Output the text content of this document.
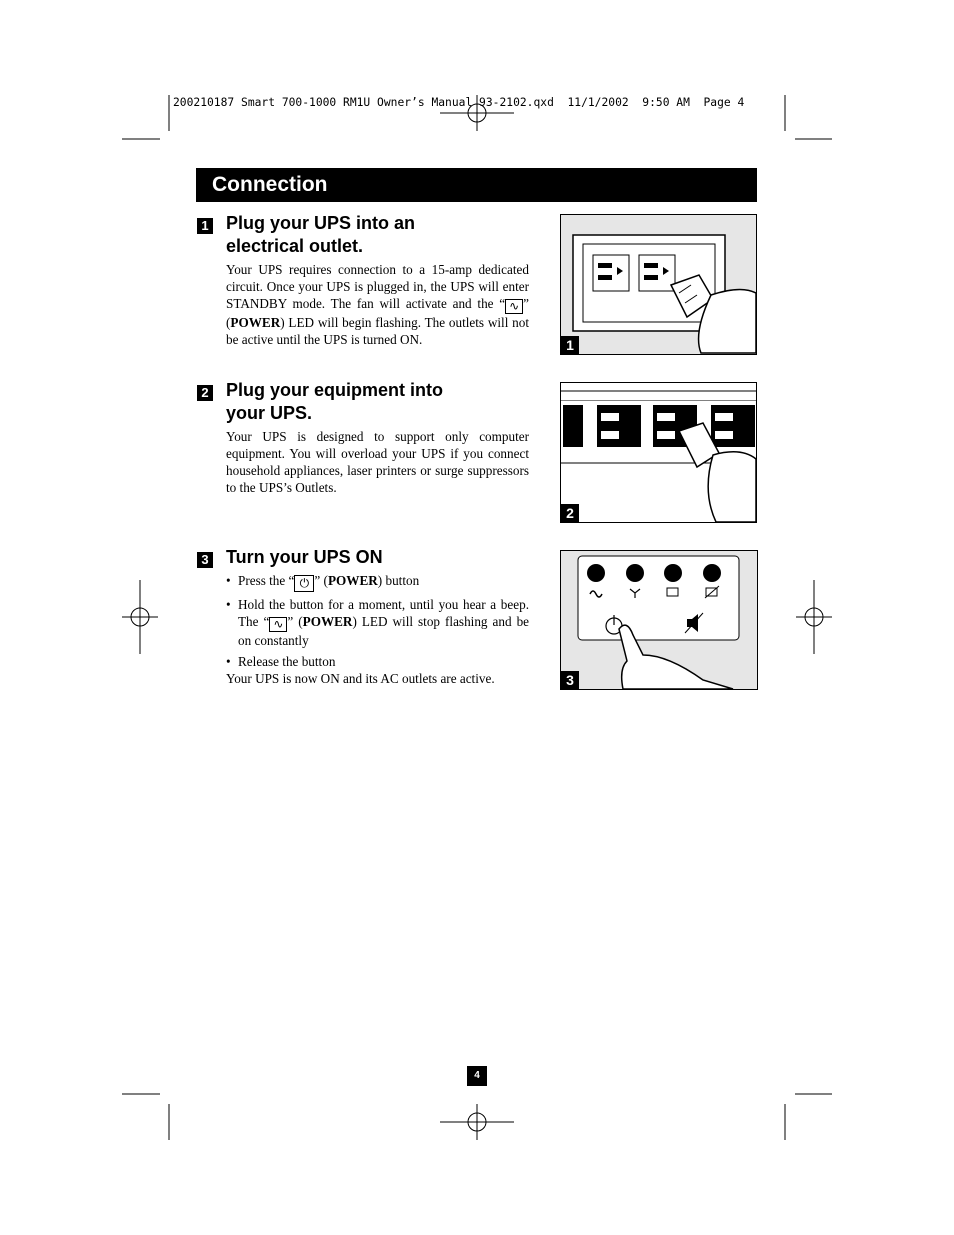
200210187 Smart 700-1000 RM1U Owner’s Manual 93-2102.qxd  11/1/2002  9:50 AM  Page 4
Connection
1 Plug your UPS into an
electrical outlet.
Your UPS requires connection to a 15-amp dedicated circuit. Once your UPS is plugged in, the UPS will enter STANDBY mode. The fan will activate and the “ ∿ ” (POWER) LED will begin flashing. The outlets will not be active until the UPS is turned ON.	1
2 Plug your equipment into
your UPS.
Your UPS is designed to support only computer equipment. You will overload your UPS if you connect household appliances, laser printers or surge suppressors to the UPS’s Outlets.
2
3 Turn your UPS ON
• Press the “ ⏻ ” (POWER) button
• Hold the button for a moment, until you hear a beep. The “ ∿ ” (POWER) LED will stop flashing and be on constantly
• Release the button
Your UPS is now ON and its AC outlets are active.	3
4
